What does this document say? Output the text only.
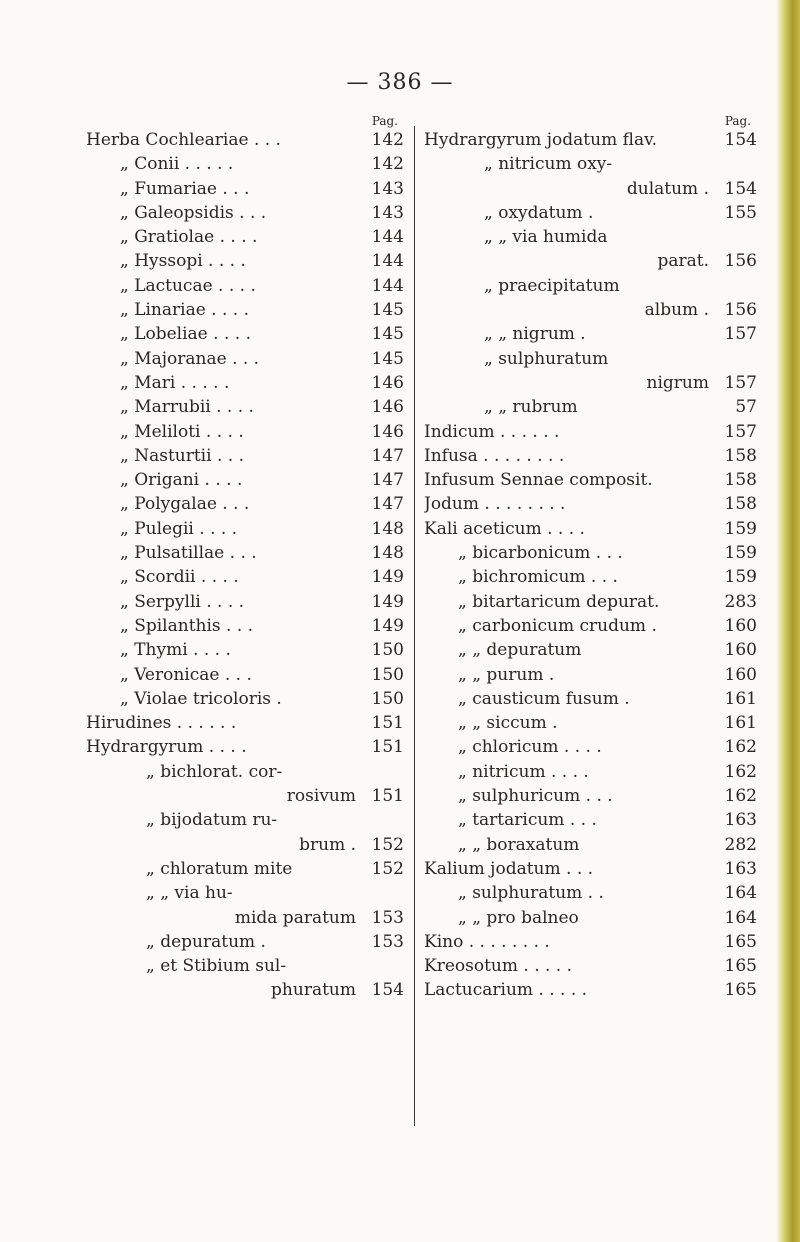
— 386 —
Pag.
Herba Cochleariae . . .	142
„ Conii . . . . .	142
„ Fumariae . . .	143
„ Galeopsidis . . .	143
„ Gratiolae . . . .	144
„ Hyssopi . . . .	144
„ Lactucae . . . .	144
„ Linariae . . . .	145
„ Lobeliae . . . .	145
„ Majoranae . . .	145
„ Mari . . . . .	146
„ Marrubii . . . .	146
„ Meliloti . . . .	146
„ Nasturtii . . .	147
„ Origani . . . .	147
„ Polygalae . . .	147
„ Pulegii . . . .	148
„ Pulsatillae . . .	148
„ Scordii . . . .	149
„ Serpylli . . . .	149
„ Spilanthis . . .	149
„ Thymi . . . .	150
„ Veronicae . . .	150
„ Violae tricoloris .	150
Hirudines . . . . . .	151
Hydrargyrum . . . .	151
„ bichlorat. cor-
rosivum 151
„ bijodatum ru-
brum . 152
„ chloratum mite	152
„ „ via hu-
mida paratum 153
„ depuratum .	153
„ et Stibium sul-
phuratum 154
Pag.
Hydrargyrum jodatum flav.	154
„ nitricum oxy-
dulatum . 154
„ oxydatum .	155
„ „ via humida
parat. 156
„ praecipitatum
album . 156
„ „ nigrum .	157
„ sulphuratum
nigrum 157
„ „ rubrum	57
Indicum . . . . . .	157
Infusa . . . . . . . .	158
Infusum Sennae composit.	158
Jodum . . . . . . . .	158
Kali aceticum . . . .	159
„ bicarbonicum . . .	159
„ bichromicum . . .	159
„ bitartaricum depurat.	283
„ carbonicum crudum .	160
„ „ depuratum	160
„ „ purum .	160
„ causticum fusum .	161
„ „ siccum .	161
„ chloricum . . . .	162
„ nitricum . . . .	162
„ sulphuricum . . .	162
„ tartaricum . . .	163
„ „ boraxatum	282
Kalium jodatum . . .	163
„ sulphuratum . .	164
„ „ pro balneo	164
Kino . . . . . . . .	165
Kreosotum . . . . .	165
Lactucarium . . . . .	165
